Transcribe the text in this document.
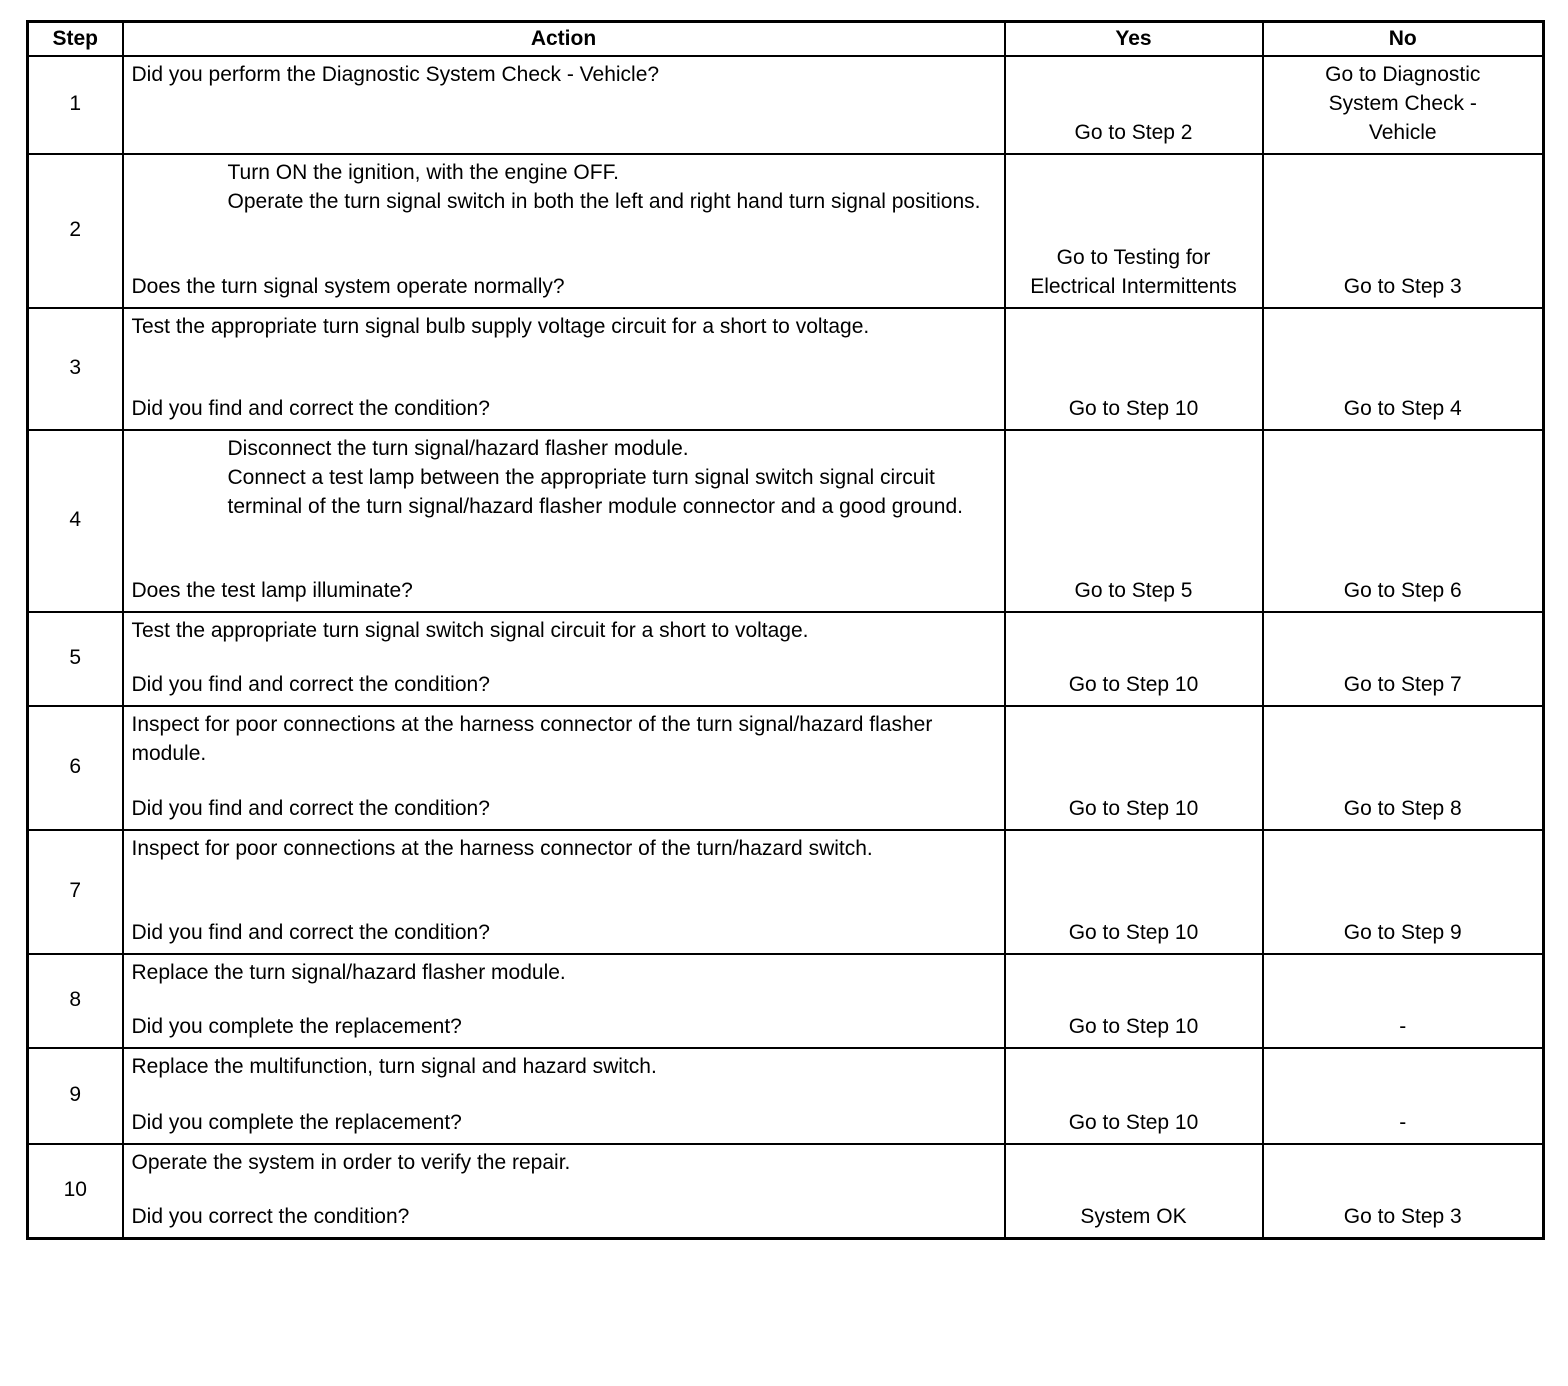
Step	Action	Yes	No
1	Did you perform the Diagnostic System Check - Vehicle?	Go to Step 2	Go to Diagnostic System Check - Vehicle

2	Turn ON the ignition, with the engine OFF.

Operate the turn signal switch in both the left and right hand turn signal positions.

Does the turn signal system operate normally?	Go to Testing for Electrical Intermittents	Go to Step 3

3	Test the appropriate turn signal bulb supply voltage circuit for a short to voltage.

Did you find and correct the condition?	Go to Step 10	Go to Step 4

4	Disconnect the turn signal/hazard flasher module.

Connect a test lamp between the appropriate turn signal switch signal circuit terminal of the turn signal/hazard flasher module connector and a good ground.

Does the test lamp illuminate?	Go to Step 5	Go to Step 6

5	Test the appropriate turn signal switch signal circuit for a short to voltage.

Did you find and correct the condition?	Go to Step 10	Go to Step 7

6	Inspect for poor connections at the harness connector of the turn signal/hazard flasher module.

Did you find and correct the condition?	Go to Step 10	Go to Step 8

7	Inspect for poor connections at the harness connector of the turn/hazard switch.

Did you find and correct the condition?	Go to Step 10	Go to Step 9

8	Replace the turn signal/hazard flasher module.

Did you complete the replacement?	Go to Step 10	-

9	Replace the multifunction, turn signal and hazard switch.

Did you complete the replacement?	Go to Step 10	-

10	Operate the system in order to verify the repair.

Did you correct the condition?	System OK	Go to Step 3
